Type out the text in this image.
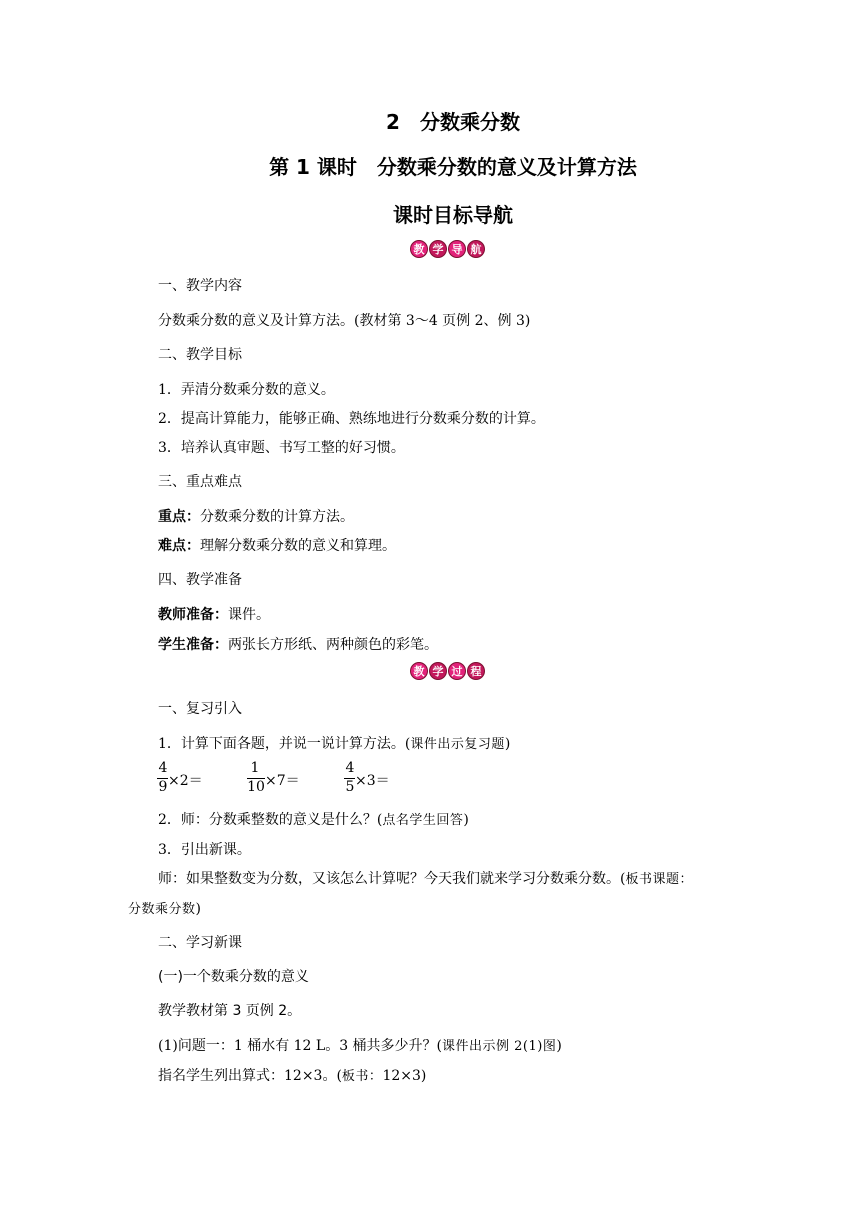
2　分数乘分数
第 1 课时　分数乘分数的意义及计算方法
课时目标导航
教 学 导 航
一、教学内容
分数乘分数的意义及计算方法。(教材第 3～4 页例 2、例 3)
二、教学目标
1．弄清分数乘分数的意义。
2．提高计算能力，能够正确、熟练地进行分数乘分数的计算。
3．培养认真审题、书写工整的好习惯。
三、重点难点
重点：分数乘分数的计算方法。
难点：理解分数乘分数的意义和算理。
四、教学准备
教师准备：课件。
学生准备：两张长方形纸、两种颜色的彩笔。
教 学 过 程
一、复习引入
1．计算下面各题，并说一说计算方法。(课件出示复习题)
4
9 ×2＝
1
10 ×7＝
4
5 ×3＝
2．师：分数乘整数的意义是什么？(点名学生回答)
3．引出新课。
师：如果整数变为分数，又该怎么计算呢？今天我们就来学习分数乘分数。(板书课题：
分数乘分数)
二、学习新课
(一)一个数乘分数的意义
教学教材第 3 页例 2。
(1)问题一：1 桶水有 12 L。3 桶共多少升？(课件出示例 2(1)图)
指名学生列出算式：12×3。(板书：12×3)
